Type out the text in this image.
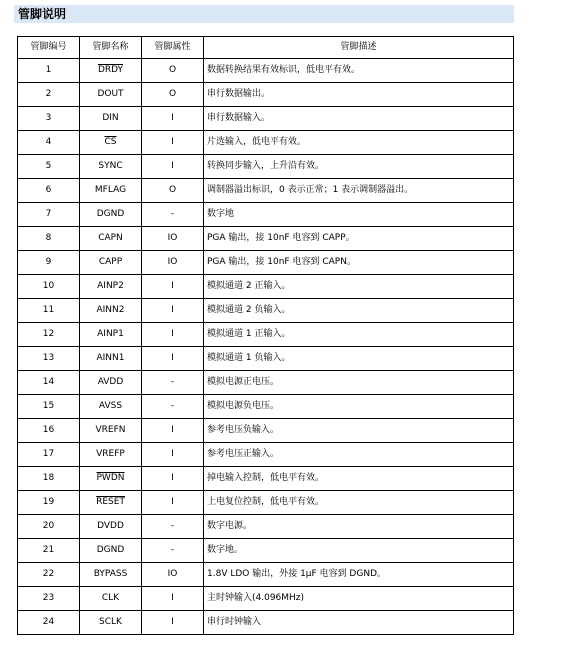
管脚说明
管脚编号	管脚名称	管脚属性	管脚描述
1	DRDY	O	数据转换结果有效标识，低电平有效。
2	DOUT	O	串行数据输出。
3	DIN	I	串行数据输入。
4	$\overline{CS}$	I	片选输入，低电平有效。
5	SYNC	I	转换同步输入，上升沿有效。
6	MFLAG	O	调制器溢出标识，0 表示正常；1 表示调制器溢出。
7	DGND	-	数字地
8	CAPN	IO	PGA 输出，接 10nF 电容到 CAPP。
9	CAPP	IO	PGA 输出，接 10nF 电容到 CAPN。
10	AINP2	I	模拟通道 2 正输入。
11	AINN2	I	模拟通道 2 负输入。
12	AINP1	I	模拟通道 1 正输入。
13	AINN1	I	模拟通道 1 负输入。
14	AVDD	-	模拟电源正电压。
15	AVSS	-	模拟电源负电压。
16	VREFN	I	参考电压负输入。
17	VREFP	I	参考电压正输入。
18	PWDN	I	掉电输入控制，低电平有效。
19	RESET	I	上电复位控制，低电平有效。
20	DVDD	-	数字电源。
21	DGND	-	数字地。
22	BYPASS	IO	1.8V LDO 输出，外接 1μF 电容到 DGND。
23	CLK	I	主时钟输入(4.096MHz)
24	SCLK	I	串行时钟输入
